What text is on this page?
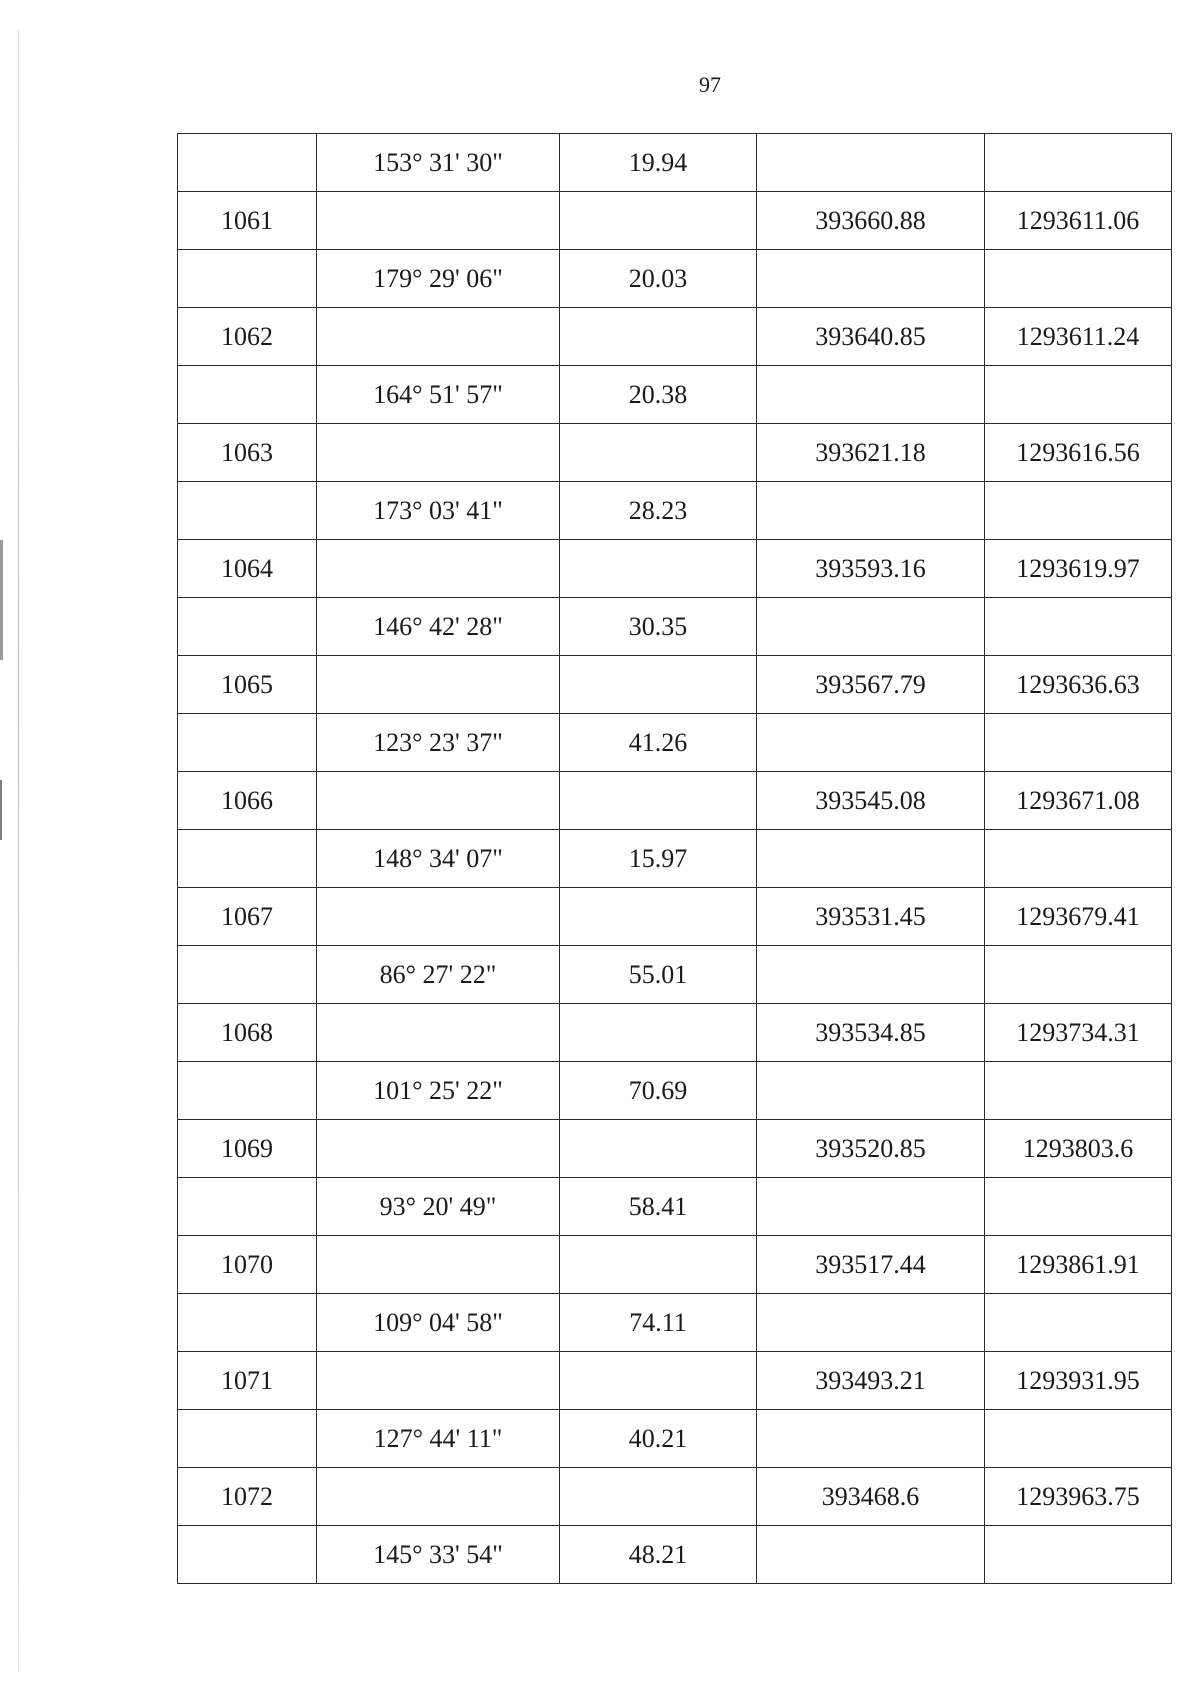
97
	153° 31' 30"	19.94		
1061			393660.88	1293611.06
	179° 29' 06"	20.03		
1062			393640.85	1293611.24
	164° 51' 57"	20.38		
1063			393621.18	1293616.56
	173° 03' 41"	28.23		
1064			393593.16	1293619.97
	146° 42' 28"	30.35		
1065			393567.79	1293636.63
	123° 23' 37"	41.26		
1066			393545.08	1293671.08
	148° 34' 07"	15.97		
1067			393531.45	1293679.41
	86° 27' 22"	55.01		
1068			393534.85	1293734.31
	101° 25' 22"	70.69		
1069			393520.85	1293803.6
	93° 20' 49"	58.41		
1070			393517.44	1293861.91
	109° 04' 58"	74.11		
1071			393493.21	1293931.95
	127° 44' 11"	40.21		
1072			393468.6	1293963.75
	145° 33' 54"	48.21		
